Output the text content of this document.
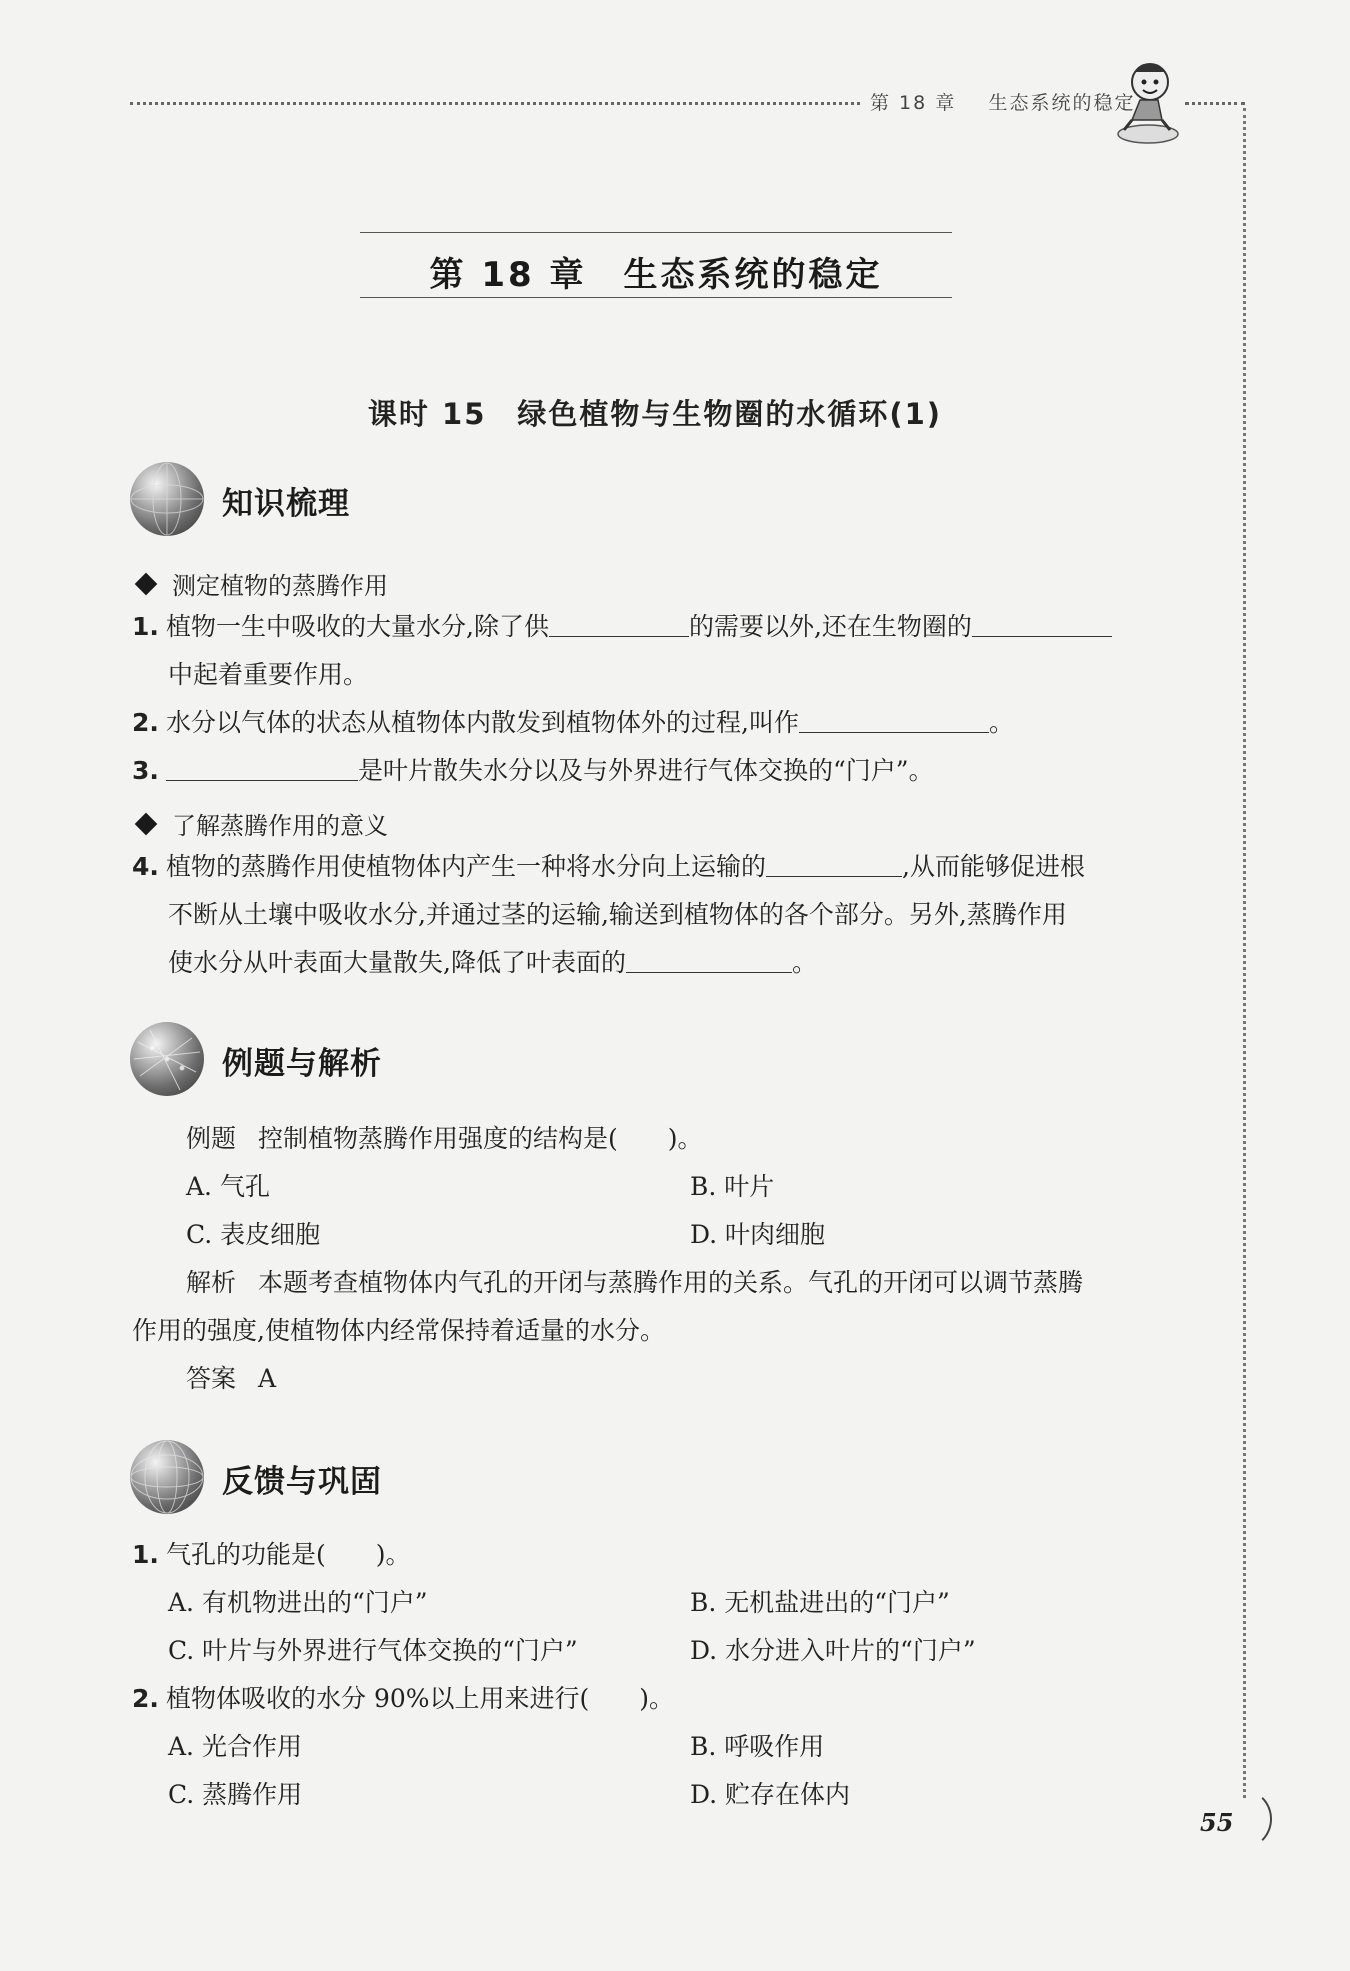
第 18 章 生态系统的稳定
第 18 章　生态系统的稳定
课时 15　绿色植物与生物圈的水循环(1)
知识梳理
测定植物的蒸腾作用
1. 植物一生中吸收的大量水分,除了供	的需要以外,还在生物圈的
中起着重要作用。
2. 水分以气体的状态从植物体内散发到植物体外的过程,叫作	。
3.	是叶片散失水分以及与外界进行气体交换的“门户”。
了解蒸腾作用的意义
4. 植物的蒸腾作用使植物体内产生一种将水分向上运输的	,从而能够促进根
不断从土壤中吸收水分,并通过茎的运输,输送到植物体的各个部分。另外,蒸腾作用
使水分从叶表面大量散失,降低了叶表面的	。
例题与解析
例题 控制植物蒸腾作用强度的结构是(　　)。
A. 气孔	B. 叶片
C. 表皮细胞	D. 叶肉细胞
解析 本题考查植物体内气孔的开闭与蒸腾作用的关系。气孔的开闭可以调节蒸腾
作用的强度,使植物体内经常保持着适量的水分。
答案 A
反馈与巩固
1. 气孔的功能是(　　)。
A. 有机物进出的“门户”	B. 无机盐进出的“门户”
C. 叶片与外界进行气体交换的“门户”	D. 水分进入叶片的“门户”
2. 植物体吸收的水分 90%以上用来进行(　　)。
A. 光合作用	B. 呼吸作用
C. 蒸腾作用	D. 贮存在体内
55
